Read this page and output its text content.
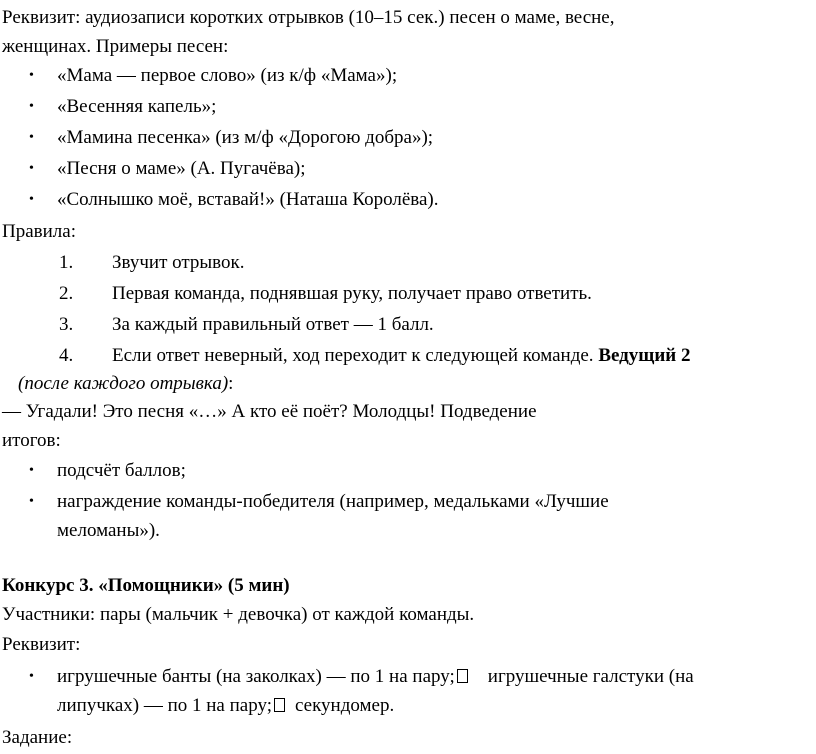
Реквизит: аудиозаписи коротких отрывков (10–15 сек.) песен о маме, весне,
женщинах. Примеры песен:
• «Мама — первое слово» (из к/ф «Мама»);
• «Весенняя капель»;
• «Мамина песенка» (из м/ф «Дорогою добра»);
• «Песня о маме» (А. Пугачёва);
• «Солнышко моё, вставай!» (Наташа Королёва).
Правила:
1. Звучит отрывок.
2. Первая команда, поднявшая руку, получает право ответить.
3. За каждый правильный ответ — 1 балл.
4. Если ответ неверный, ход переходит к следующей команде. Ведущий 2
(после каждого отрывка):
— Угадали! Это песня «…» А кто её поёт? Молодцы! Подведение
итогов:
• подсчёт баллов;
• награждение команды-победителя (например, медальками «Лучшие
меломаны»).
Конкурс 3. «Помощники» (5 мин)
Участники: пары (мальчик + девочка) от каждой команды.
Реквизит:
• игрушечные банты (на заколках) — по 1 на пару; игрушечные галстуки (на
липучках) — по 1 на пару; секундомер.
Задание:
